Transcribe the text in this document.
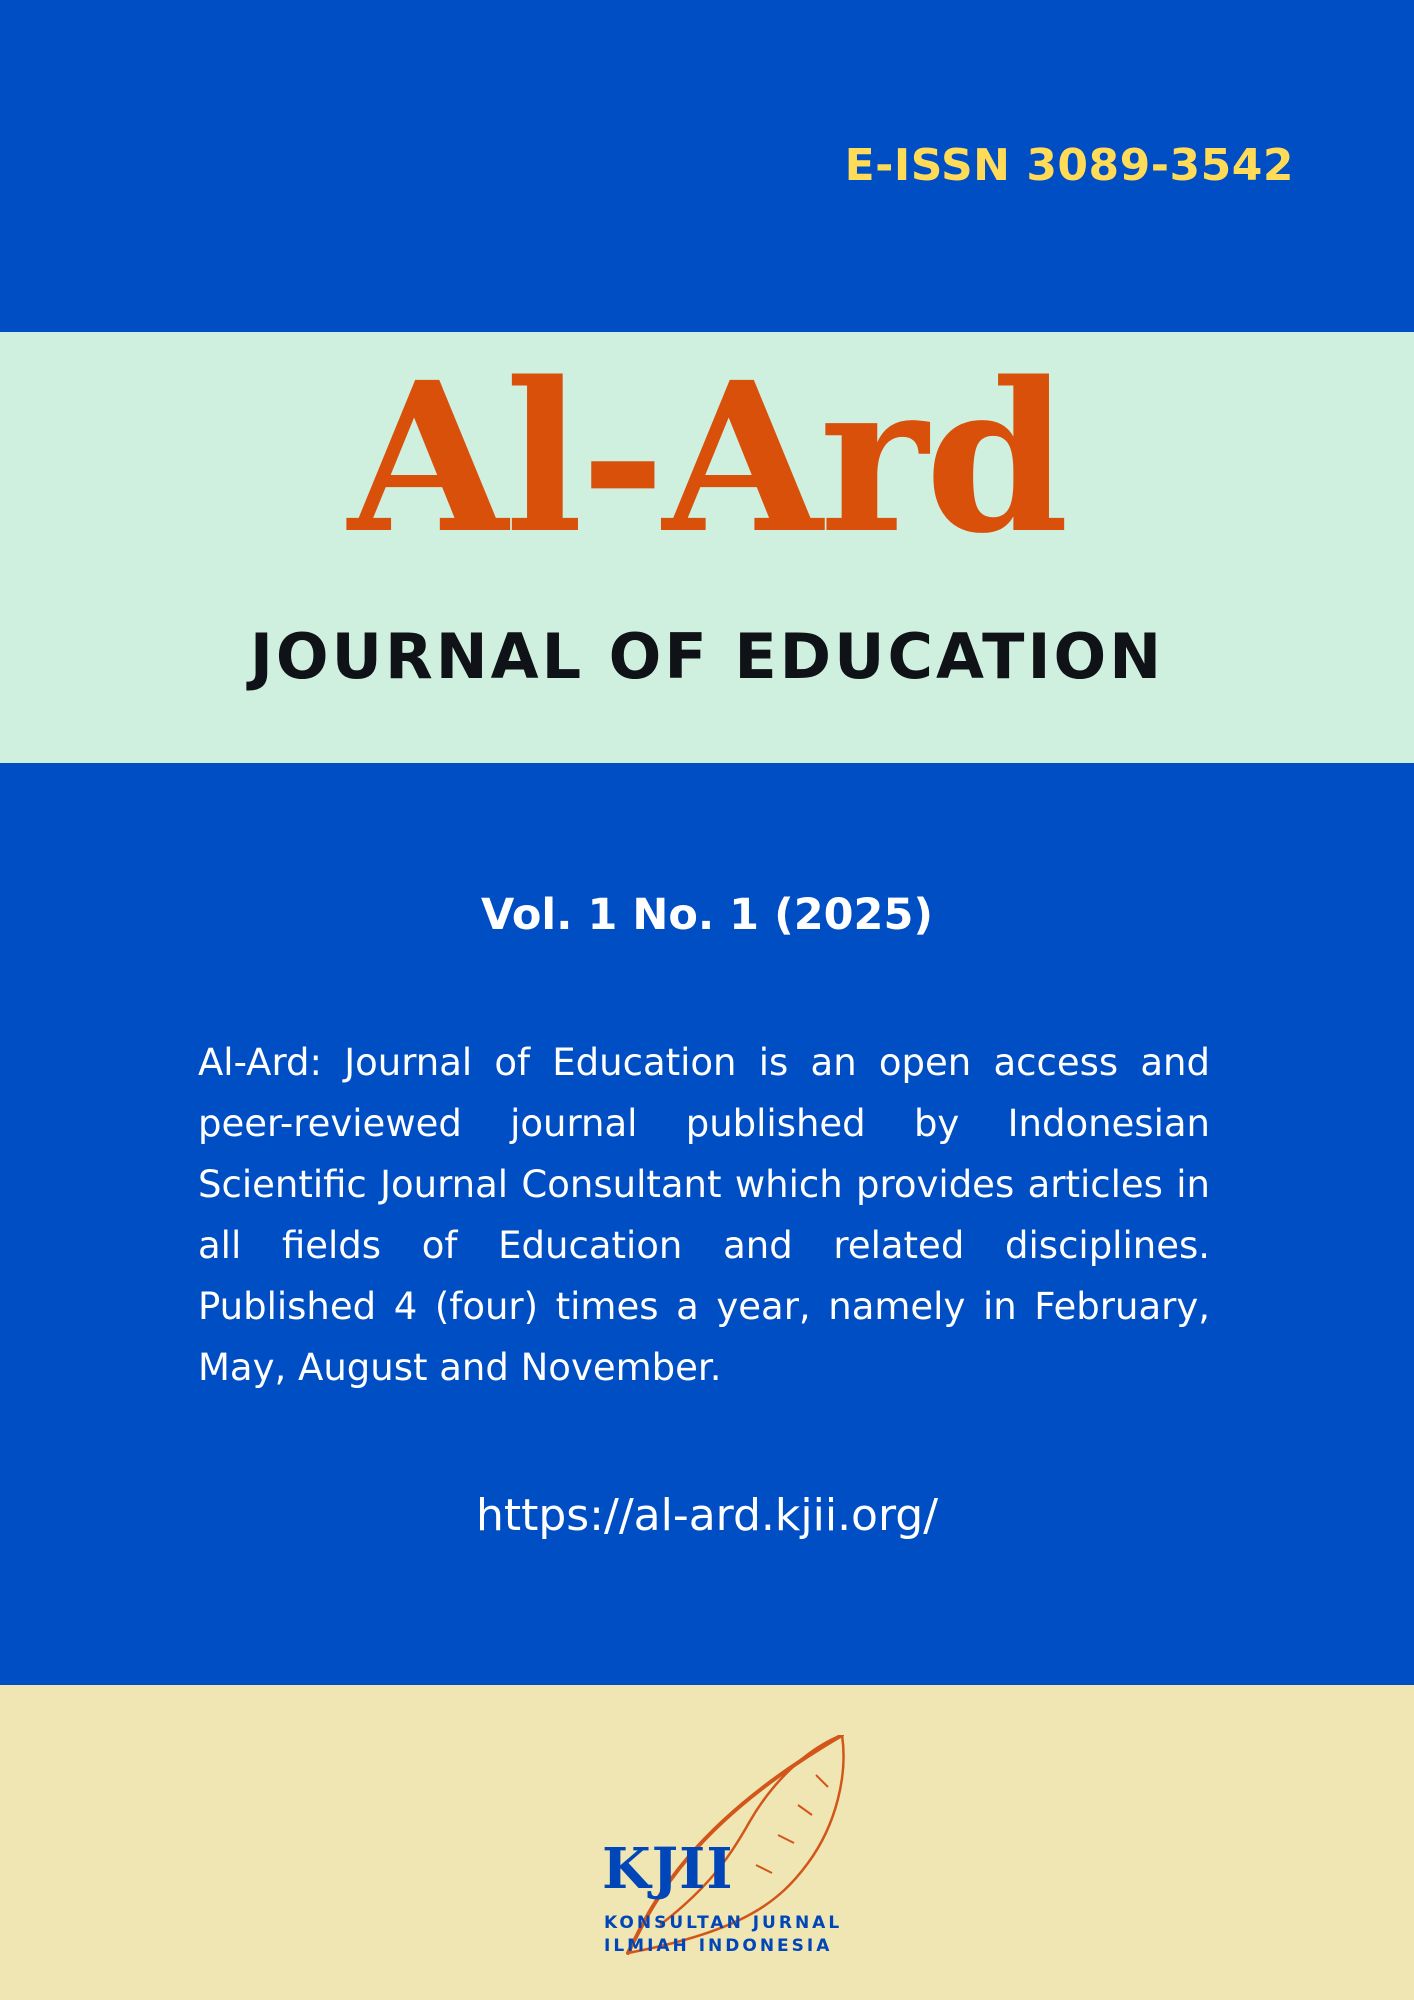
E-ISSN 3089-3542
Al-Ard
JOURNAL OF EDUCATION
Vol. 1 No. 1 (2025)

Al-Ard: Journal of Education is an open access and peer-reviewed journal published by Indonesian Scientific Journal Consultant which provides articles in all fields of Education and related disciplines. Published 4 (four) times a year, namely in February, May, August and November.

https://al-ard.kjii.org/
KJII
KONSULTAN JURNAL
ILMIAH INDONESIA
